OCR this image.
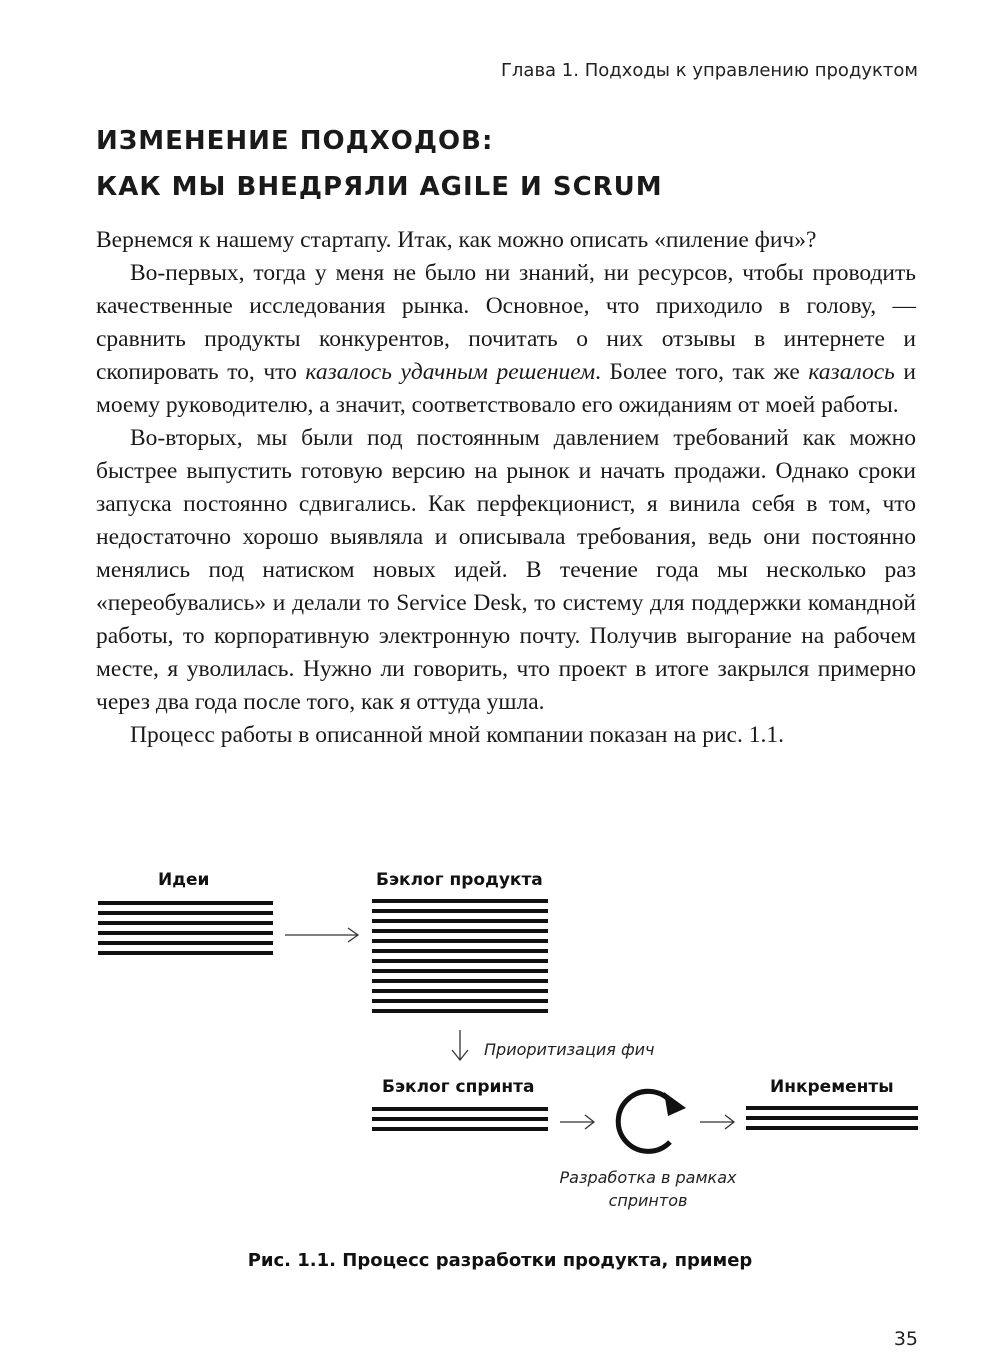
Глава 1. Подходы к управлению продуктом
ИЗМЕНЕНИЕ ПОДХОДОВ:
КАК МЫ ВНЕДРЯЛИ AGILE И SCRUM

Вернемся к нашему стартапу. Итак, как можно описать «пиление фич»?

Во-первых, тогда у меня не было ни знаний, ни ресурсов, чтобы проводить качественные исследования рынка. Основное, что приходило в голову, — сравнить продукты конкурентов, почитать о них отзывы в интернете и скопировать то, что казалось удачным решением. Более того, так же казалось и моему руководителю, а значит, соответствовало его ожиданиям от моей работы.

Во-вторых, мы были под постоянным давлением требований как можно быстрее выпустить готовую версию на рынок и начать продажи. Однако сроки запуска постоянно сдвигались. Как перфекционист, я винила себя в том, что недостаточно хорошо выявляла и описывала требования, ведь они постоянно менялись под натиском новых идей. В течение года мы несколько раз «переобувались» и делали то Service Desk, то систему для поддержки командной работы, то корпоративную электронную почту. Получив выгорание на рабочем месте, я уволилась. Нужно ли говорить, что проект в итоге закрылся примерно через два года после того, как я оттуда ушла.

Процесс работы в описанной мной компании показан на рис. 1.1.

Идеи	Бэклог продукта
Приоритизация фич
Бэклог спринта	Инкременты
Разработка в рамках
спринтов
Рис. 1.1. Процесс разработки продукта, пример
35
